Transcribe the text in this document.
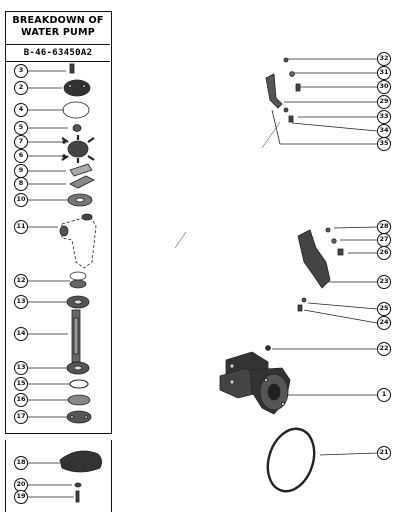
BREAKDOWN OF
WATER PUMP
B-46-63450A2
3
2
4
5
7
6
9
8
10
11
12
13
14
13
15
16
17
18
20
19
32
31
30
29
33
34
35
28
27
26
23
25
24
22
1
21
